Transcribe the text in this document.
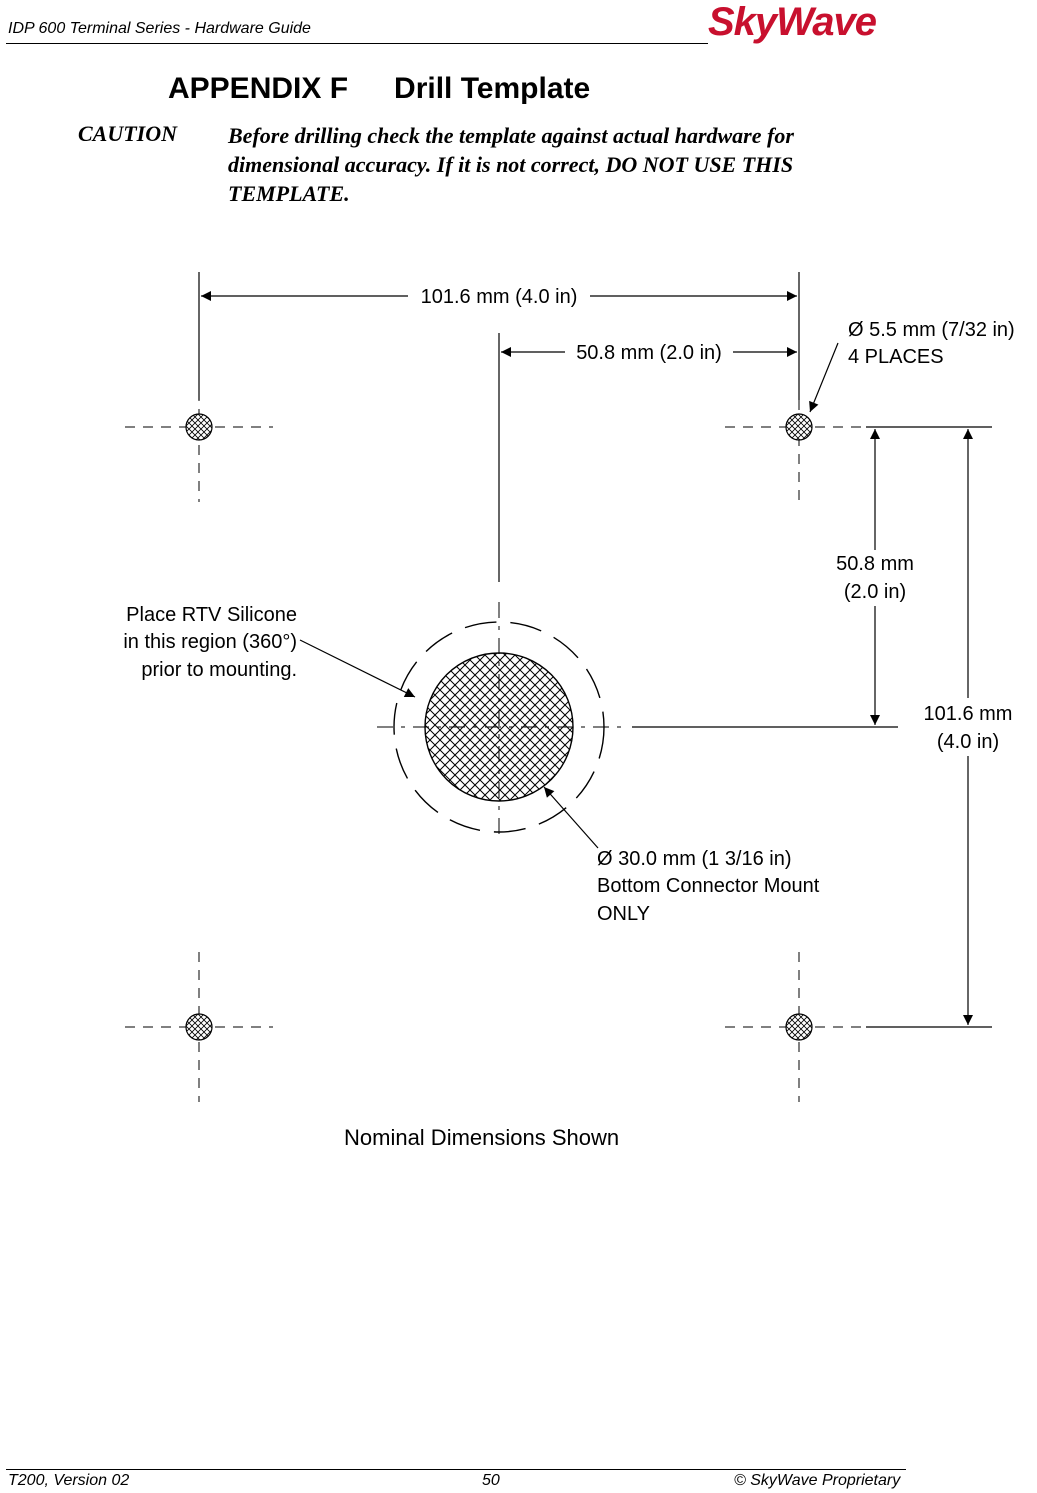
IDP 600 Terminal Series - Hardware Guide	SkyWave
APPENDIX F Drill Template
CAUTION Before drilling check the template against actual hardware for dimensional accuracy. If it is not correct, DO NOT USE THIS TEMPLATE.
101.6 mm (4.0 in)
50.8 mm (2.0 in)
Ø 5.5 mm (7/32 in)
4 PLACES
50.8 mm
(2.0 in)
101.6 mm
(4.0 in)
Place RTV Silicone
in this region (360°)
prior to mounting.
Ø 30.0 mm (1 3/16 in)
Bottom Connector Mount
ONLY
Nominal Dimensions Shown
T200, Version 02	50	© SkyWave Proprietary
